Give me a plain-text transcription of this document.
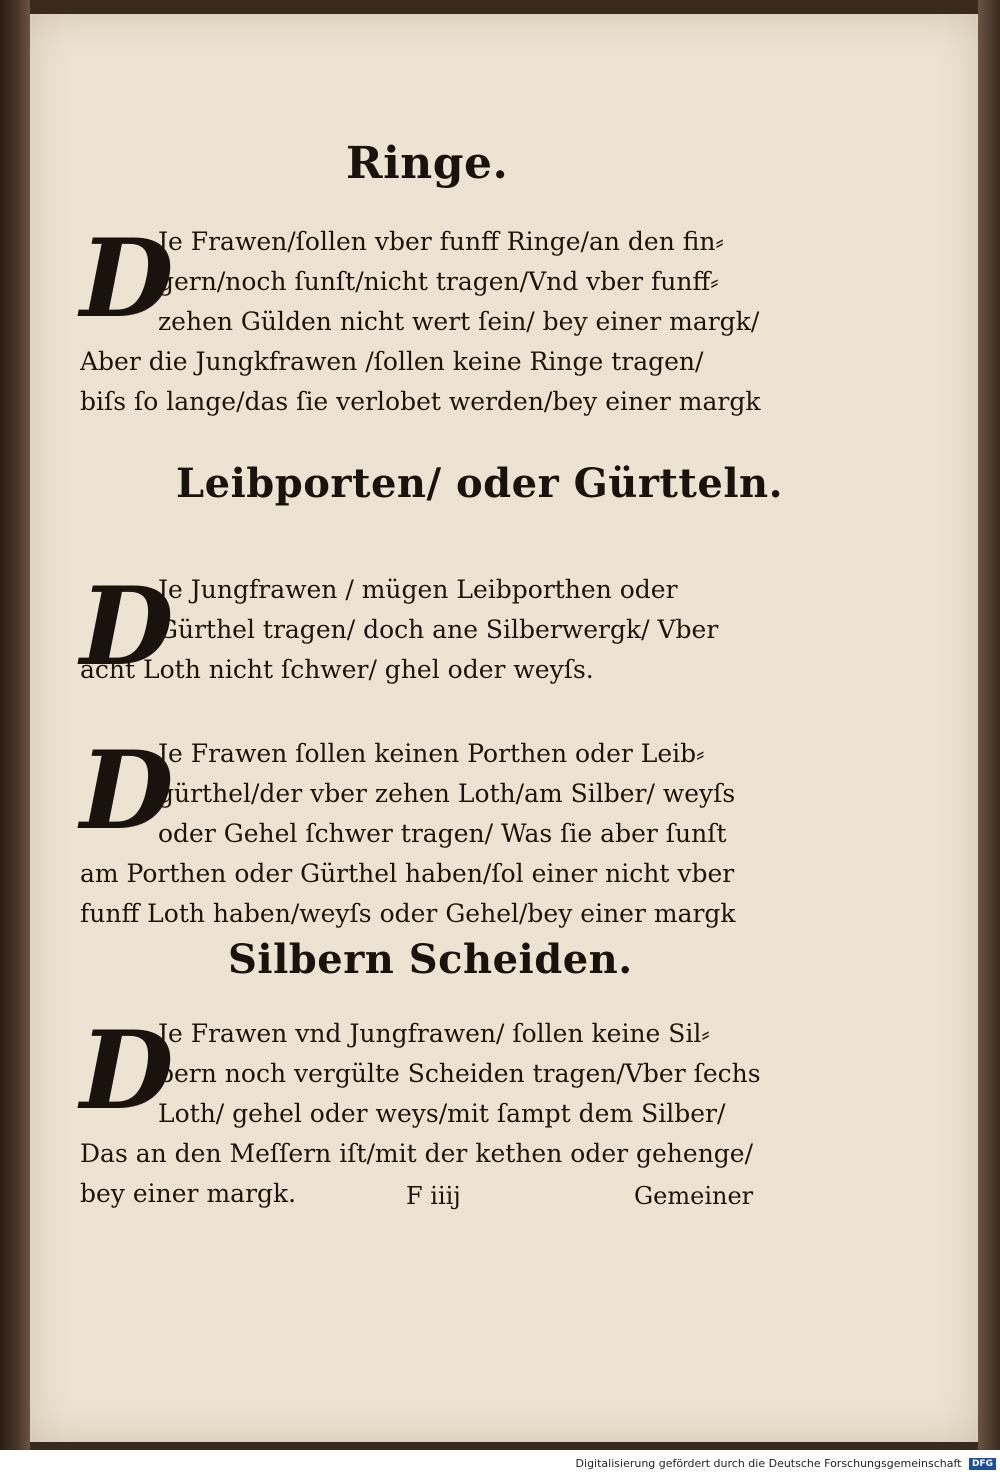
Ringe.
D
Je Frawen/ſollen vber funff Ringe/an den fin⸗
gern/noch ſunſt/nicht tragen/Vnd vber funff⸗
zehen Gülden nicht wert ſein/ bey einer margk/
Aber die Jungkfrawen /ſollen keine Ringe tragen/
biſs ſo lange/das ſie verlobet werden/bey einer margk
Leibporten/ oder Gürtteln.
D
Je Jungfrawen / mügen Leibporthen oder
Gürthel tragen/ doch ane Silberwergk/ Vber
acht Loth nicht ſchwer/ ghel oder weyſs.
D
Je Frawen ſollen keinen Porthen oder Leib⸗
gürthel/der vber zehen Loth/am Silber/ weyſs
oder Gehel ſchwer tragen/ Was ſie aber ſunſt
am Porthen oder Gürthel haben/ſol einer nicht vber
funff Loth haben/weyſs oder Gehel/bey einer margk
Silbern Scheiden.
D
Je Frawen vnd Jungfrawen/ ſollen keine Sil⸗
bern noch vergülte Scheiden tragen/Vber ſechs
Loth/ gehel oder weys/mit ſampt dem Silber/
Das an den Meſſern iſt/mit der kethen oder gehenge/
bey einer margk.	F iiij	Gemeiner
Digitalisierung gefördert durch die Deutsche Forschungsgemeinschaft DFG
